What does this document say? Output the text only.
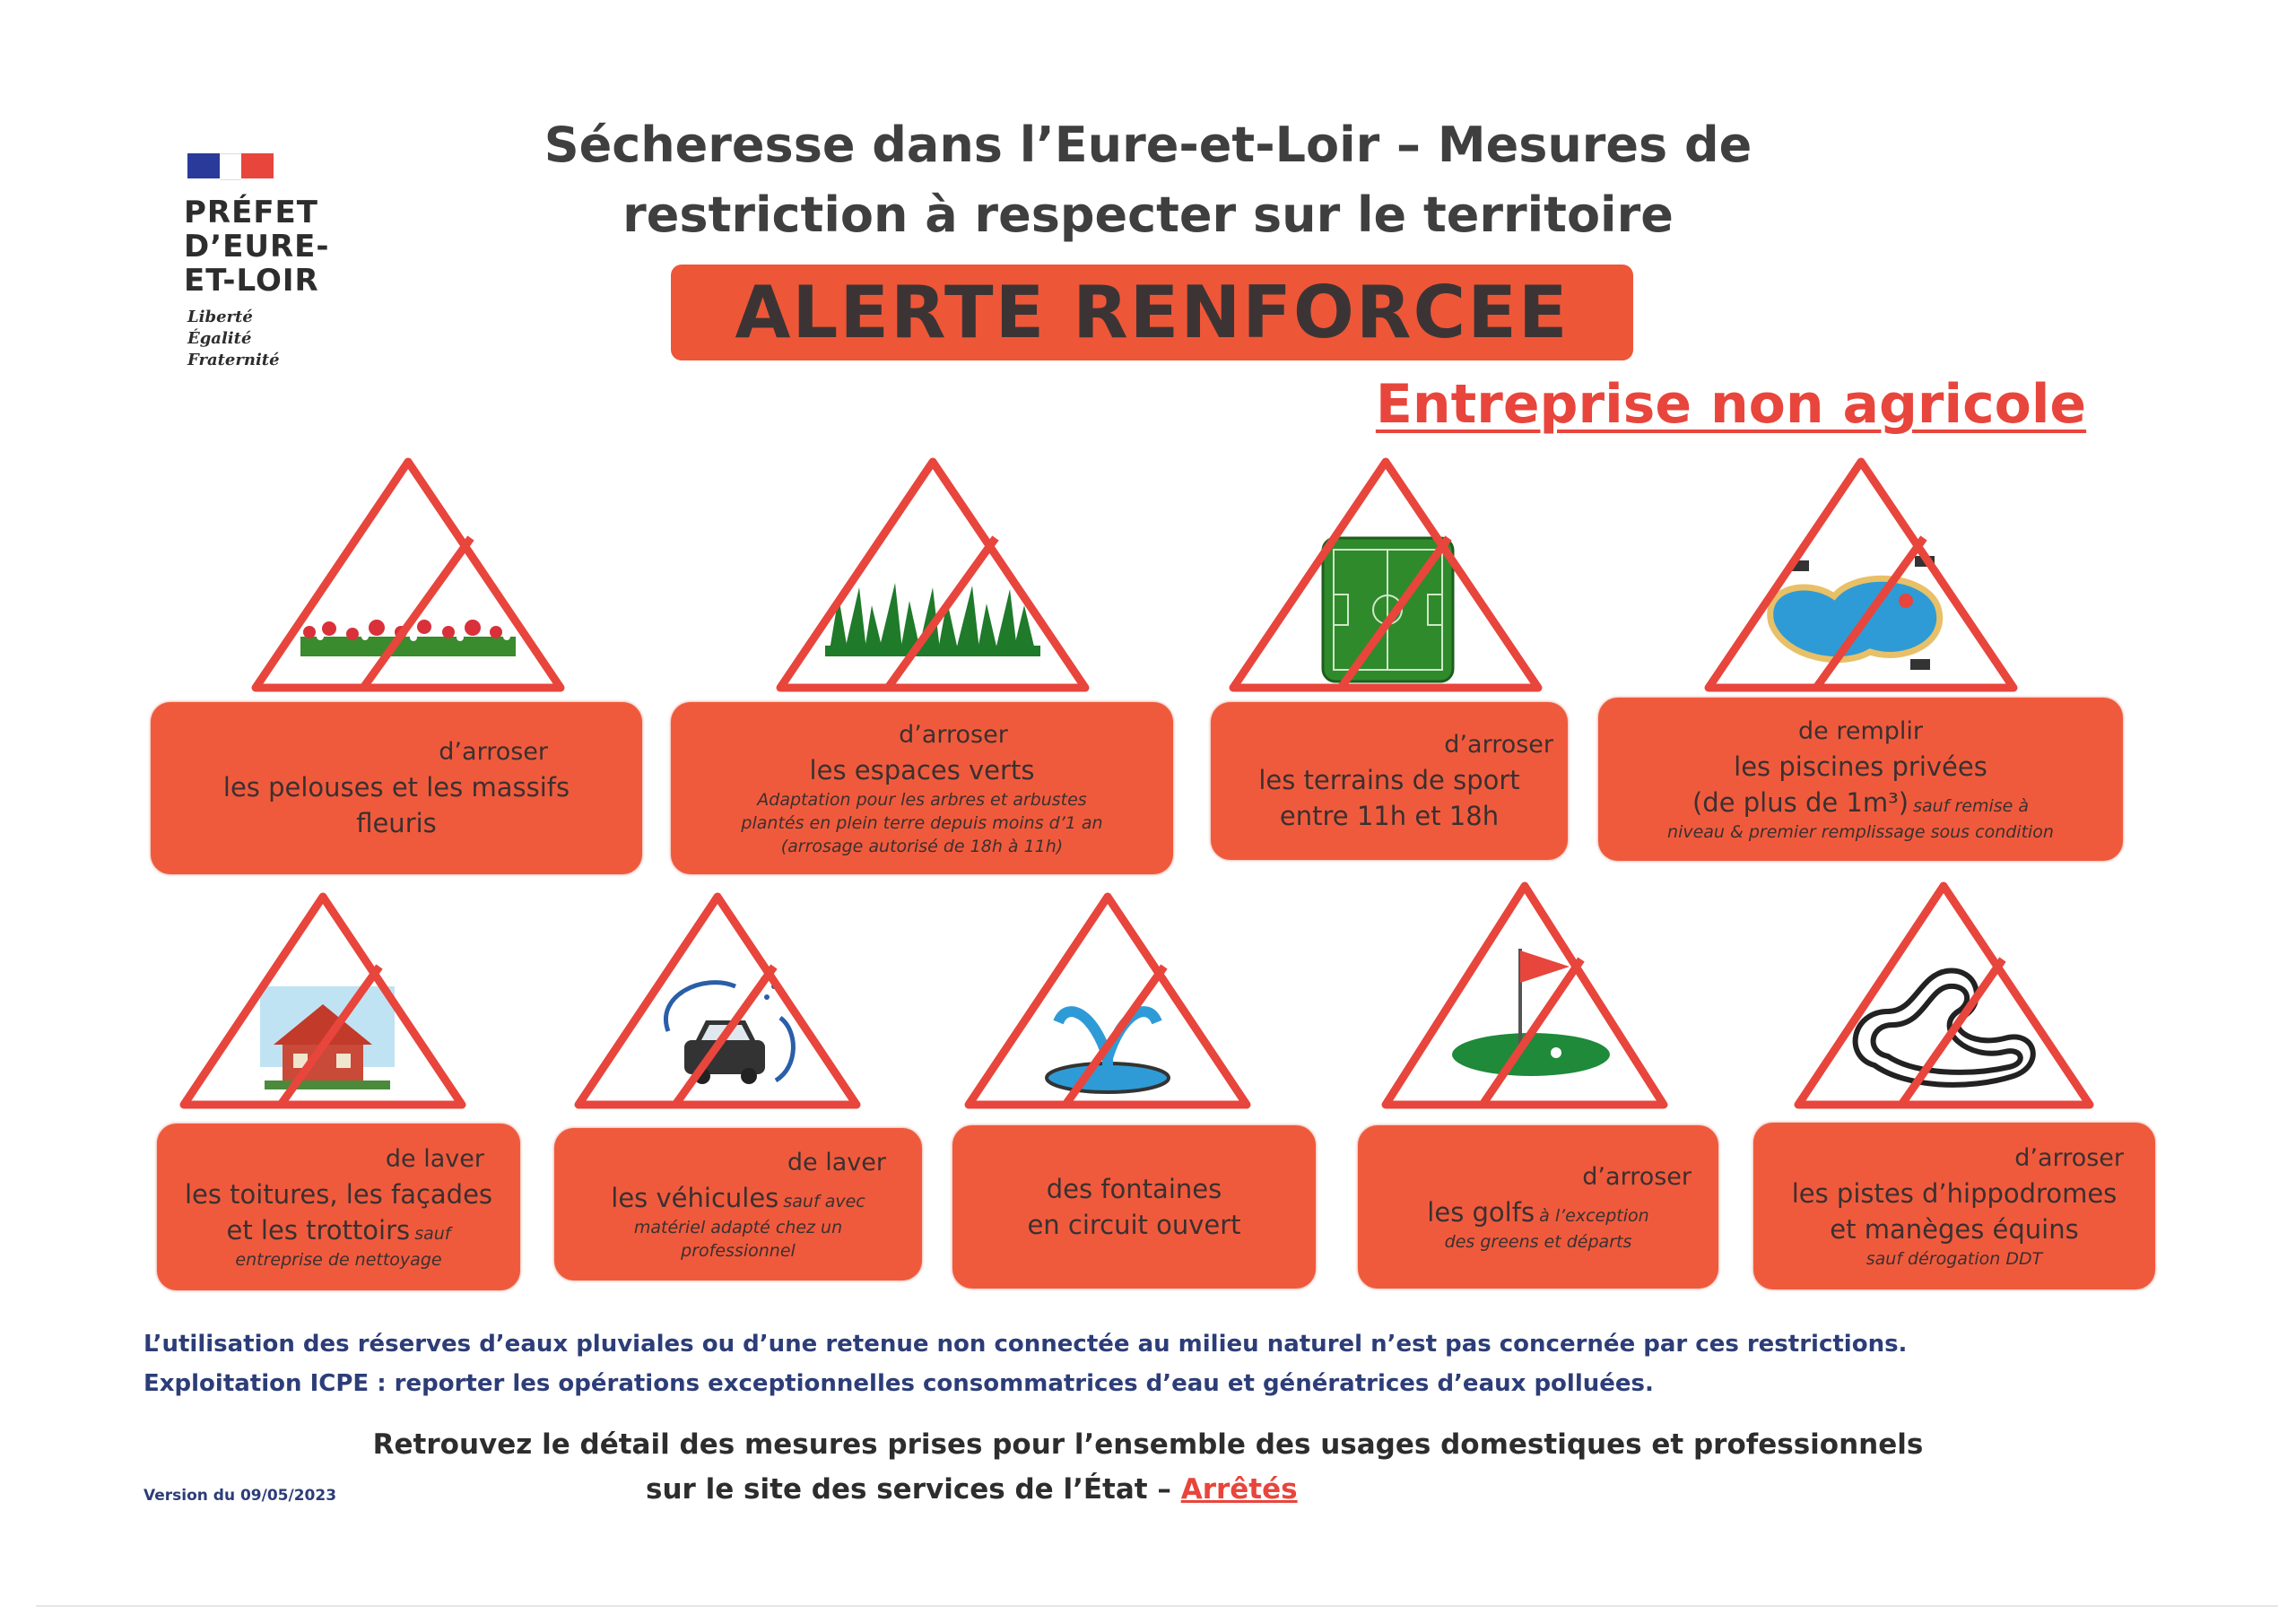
PRÉFET
D’EURE-
ET-LOIR
Liberté
Égalité
Fraternité
Sécheresse dans l’Eure-et-Loir – Mesures de
restriction à respecter sur le territoire
ALERTE RENFORCEE
Entreprise non agricole
d’arroser
les pelouses et les massifs
fleuris
d’arroser
les espaces verts
Adaptation pour les arbres et arbustes
plantés en plein terre depuis moins d’1 an
(arrosage autorisé de 18h à 11h)
d’arroser
les terrains de sport
entre 11h et 18h
de remplir
les piscines privées
(de plus de 1m³) sauf remise à
niveau & premier remplissage sous condition
de laver
les toitures, les façades
et les trottoirs sauf
entreprise de nettoyage
de laver
les véhicules sauf avec
matériel adapté chez un
professionnel
des fontaines
en circuit ouvert
d’arroser
les golfs à l’exception
des greens et départs
d’arroser
les pistes d’hippodromes
et manèges équins
sauf dérogation DDT
L’utilisation des réserves d’eaux pluviales ou d’une retenue non connectée au milieu naturel n’est pas concernée par ces restrictions.
Exploitation ICPE : reporter les opérations exceptionnelles consommatrices d’eau et génératrices d’eaux polluées.
Retrouvez le détail des mesures prises pour l’ensemble des usages domestiques et professionnels
sur le site des services de l’État – Arrêtés
Version du 09/05/2023
